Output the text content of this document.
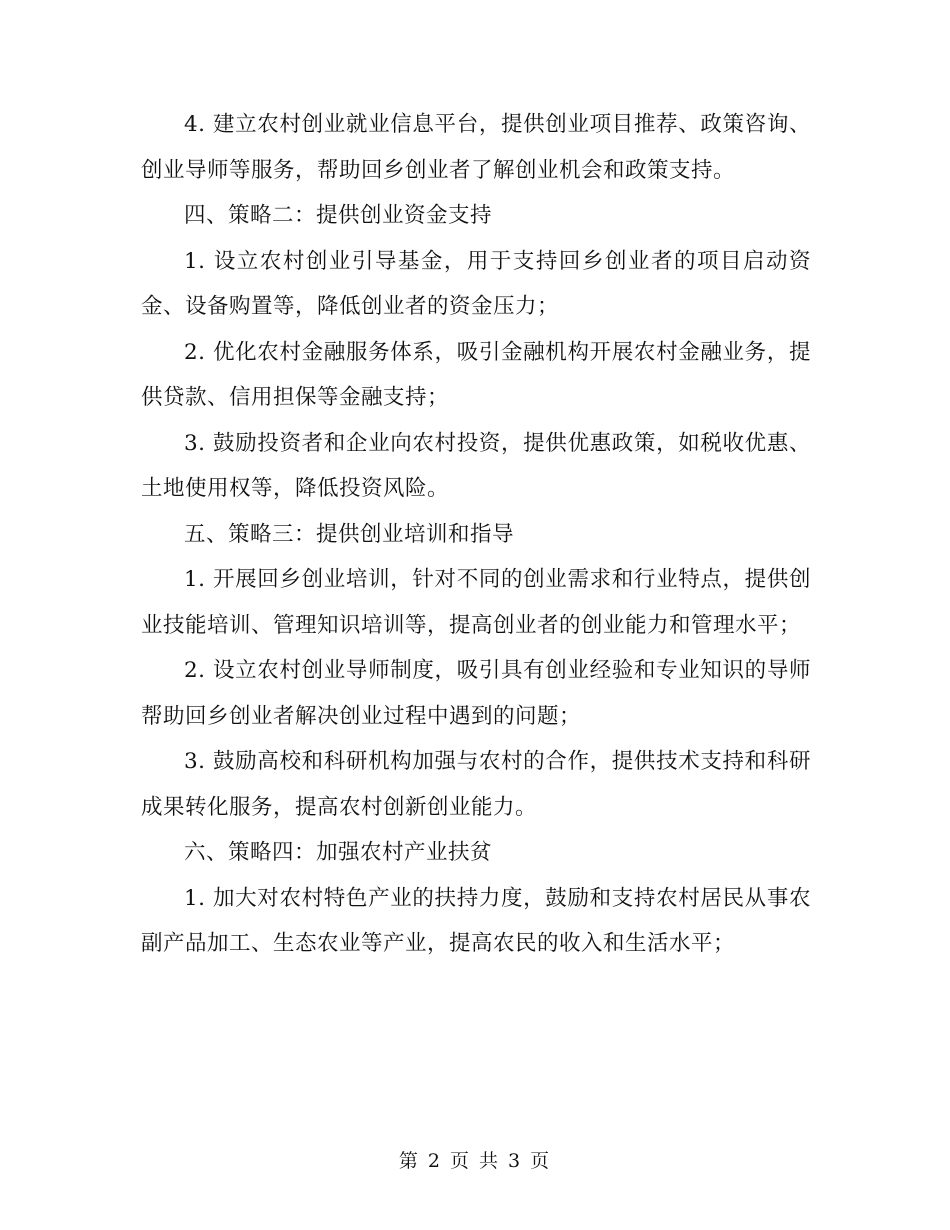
4. 建立农村创业就业信息平台，提供创业项目推荐、政策咨询、创业导师等服务，帮助回乡创业者了解创业机会和政策支持。

四、策略二：提供创业资金支持

1. 设立农村创业引导基金，用于支持回乡创业者的项目启动资金、设备购置等，降低创业者的资金压力；

2. 优化农村金融服务体系，吸引金融机构开展农村金融业务，提供贷款、信用担保等金融支持；

3. 鼓励投资者和企业向农村投资，提供优惠政策，如税收优惠、土地使用权等，降低投资风险。

五、策略三：提供创业培训和指导

1. 开展回乡创业培训，针对不同的创业需求和行业特点，提供创业技能培训、管理知识培训等，提高创业者的创业能力和管理水平；

2. 设立农村创业导师制度，吸引具有创业经验和专业知识的导师帮助回乡创业者解决创业过程中遇到的问题；

3. 鼓励高校和科研机构加强与农村的合作，提供技术支持和科研成果转化服务，提高农村创新创业能力。

六、策略四：加强农村产业扶贫

1. 加大对农村特色产业的扶持力度，鼓励和支持农村居民从事农副产品加工、生态农业等产业，提高农民的收入和生活水平；

第 2 页 共 3 页
